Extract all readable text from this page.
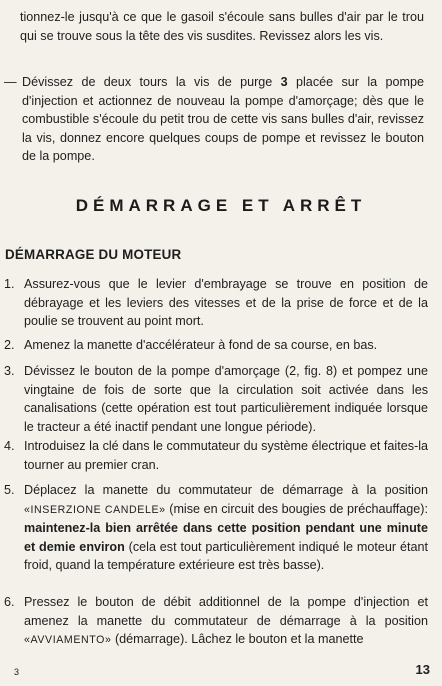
tionnez-le jusqu'à ce que le gasoil s'écoule sans bulles d'air par le trou qui se trouve sous la tête des vis susdites. Revissez alors les vis.

— Dévissez de deux tours la vis de purge 3 placée sur la pompe d'injection et actionnez de nouveau la pompe d'amorçage; dès que le combustible s'écoule du petit trou de cette vis sans bulles d'air, revissez la vis, donnez encore quelques coups de pompe et revissez le bouton de la pompe.

DÉMARRAGE ET ARRÊT
DÉMARRAGE DU MOTEUR
1. Assurez-vous que le levier d'embrayage se trouve en position de débrayage et les leviers des vitesses et de la prise de force et de la poulie se trouvent au point mort.

2. Amenez la manette d'accélérateur à fond de sa course, en bas.

3. Dévissez le bouton de la pompe d'amorçage (2, fig. 8) et pompez une vingtaine de fois de sorte que la circulation soit activée dans les canalisations (cette opération est tout particulièrement indiquée lorsque le tracteur a été inactif pendant une longue période).

4. Introduisez la clé dans le commutateur du système électrique et faites-la tourner au premier cran.

5. Déplacez la manette du commutateur de démarrage à la position «INSERZIONE CANDELE» (mise en circuit des bougies de préchauffage): maintenez-la bien arrêtée dans cette position pendant une minute et demie environ (cela est tout particulièrement indiqué le moteur étant froid, quand la température extérieure est très basse).

6. Pressez le bouton de débit additionnel de la pompe d'injection et amenez la manette du commutateur de démarrage à la position «AVVIAMENTO» (démarrage). Lâchez le bouton et la manette

3	13
